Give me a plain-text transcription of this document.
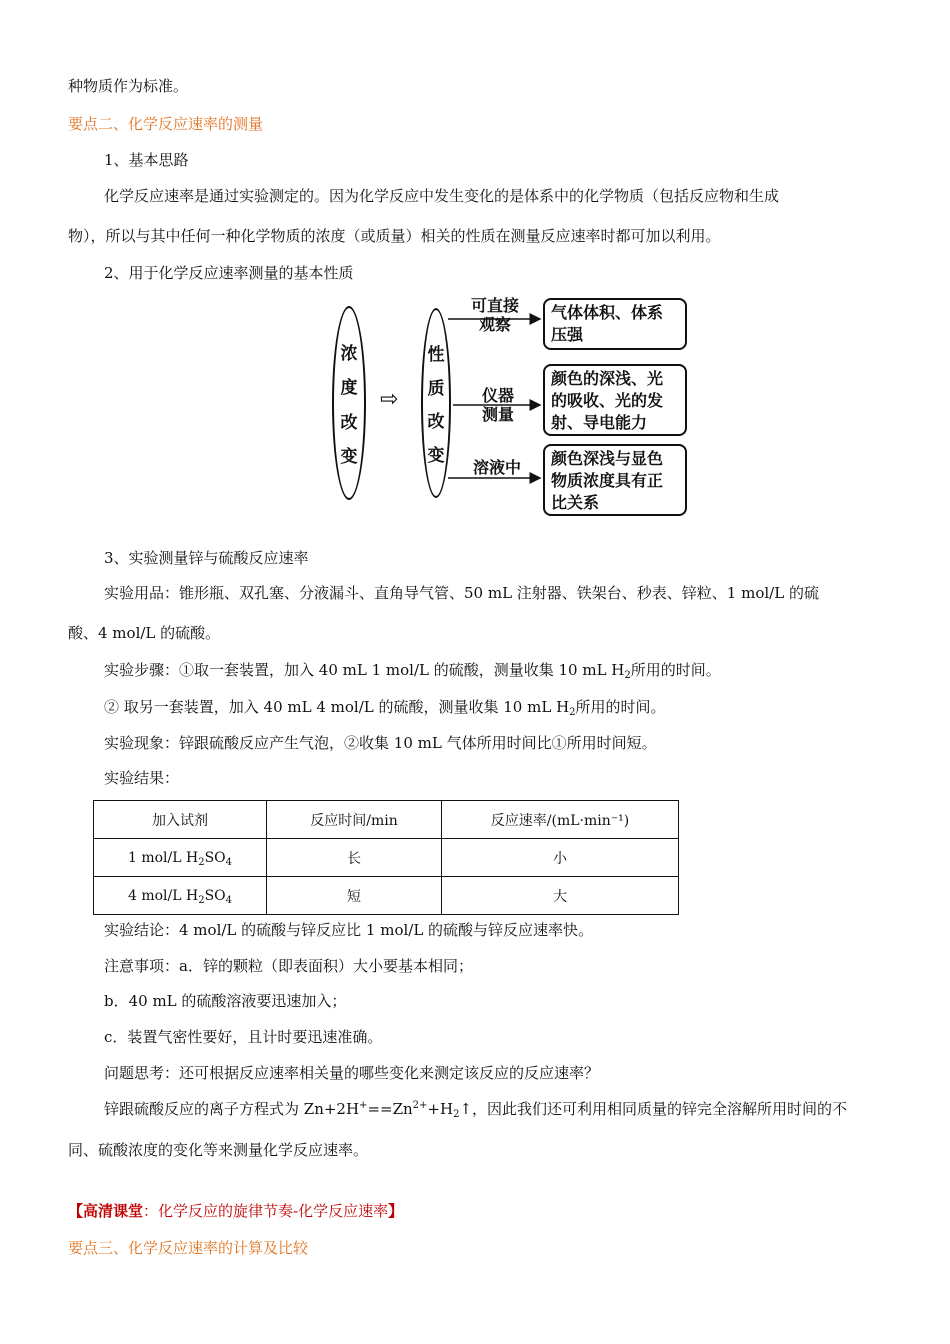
种物质作为标准。
要点二、化学反应速率的测量
1、基本思路
化学反应速率是通过实验测定的。因为化学反应中发生变化的是体系中的化学物质（包括反应物和生成
物），所以与其中任何一种化学物质的浓度（或质量）相关的性质在测量反应速率时都可加以利用。
2、用于化学反应速率测量的基本性质
浓
度
改
变
⇨
性
质
改
变
可直接
观察
仪器
测量
溶液中
气体体积、体系
压强
颜色的深浅、光
的吸收、光的发
射、导电能力
颜色深浅与显色
物质浓度具有正
比关系
3、实验测量锌与硫酸反应速率
实验用品：锥形瓶、双孔塞、分液漏斗、直角导气管、50 mL 注射器、铁架台、秒表、锌粒、1 mol/L 的硫
酸、4 mol/L 的硫酸。
实验步骤：①取一套装置，加入 40 mL 1 mol/L 的硫酸，测量收集 10 mL $H_2$所用的时间。
② 取另一套装置，加入 40 mL 4 mol/L 的硫酸，测量收集 10 mL $H_2$所用的时间。
实验现象：锌跟硫酸反应产生气泡，②收集 10 mL 气体所用时间比①所用时间短。
实验结果：
加入试剂	反应时间/min	反应速率/(mL·min⁻¹)
1 mol/L $H_2SO_4$	长	小
4 mol/L $H_2SO_4$	短	大
实验结论：4 mol/L 的硫酸与锌反应比 1 mol/L 的硫酸与锌反应速率快。
注意事项：a．锌的颗粒（即表面积）大小要基本相同；
b．40 mL 的硫酸溶液要迅速加入；
c．装置气密性要好，且计时要迅速准确。
问题思考：还可根据反应速率相关量的哪些变化来测定该反应的反应速率？
锌跟硫酸反应的离子方程式为 $Zn+2H^+==Zn^{2+}+H_2↑$，因此我们还可利用相同质量的锌完全溶解所用时间的不
同、硫酸浓度的变化等来测量化学反应速率。
【高清课堂：化学反应的旋律节奏-化学反应速率】
要点三、化学反应速率的计算及比较
